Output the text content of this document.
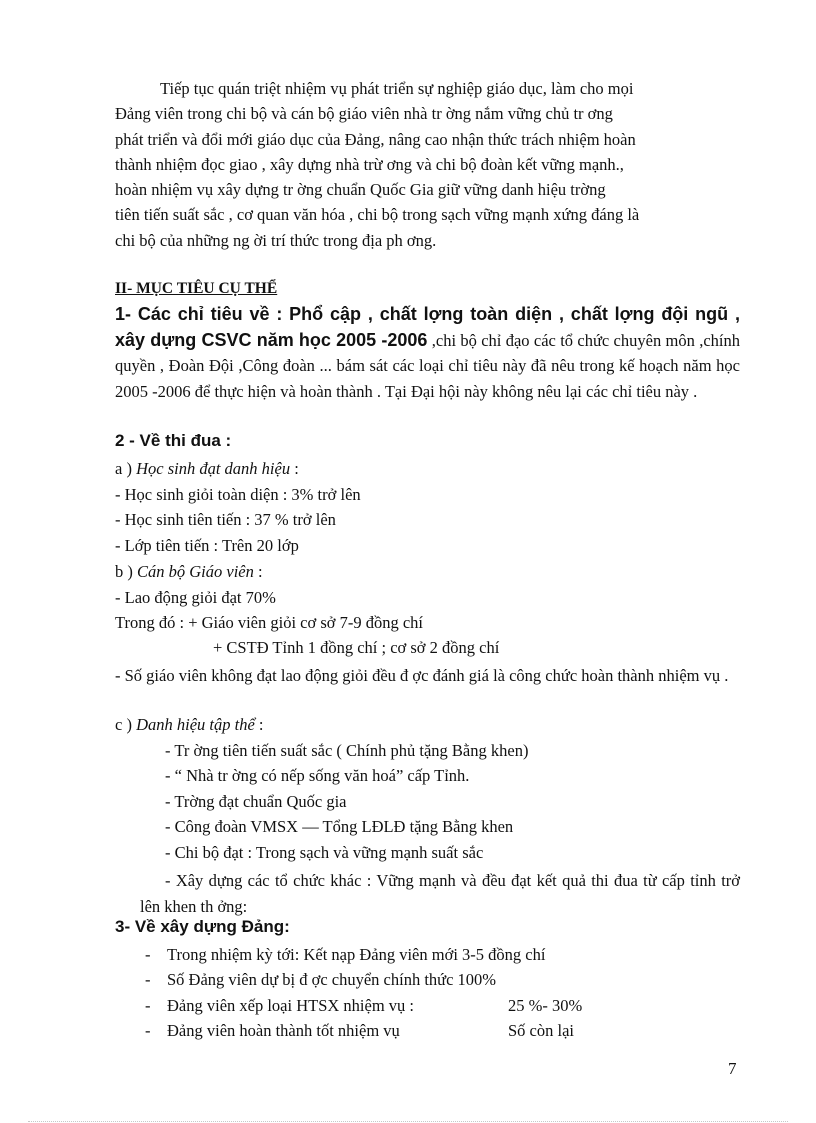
Tiếp tục quán triệt nhiệm vụ phát triển sự nghiệp giáo dục, làm cho mọi
Đảng viên trong chi bộ và cán bộ giáo viên nhà tr ờng nắm vững chủ tr ơng
phát triển và đổi mới giáo dục của Đảng, nâng cao nhận thức trách nhiệm hoàn
thành nhiệm đọc giao , xây dựng nhà trừ ơng và chi bộ đoàn kết vững mạnh.,
hoàn nhiệm vụ xây dựng tr ờng chuẩn Quốc Gia giữ vững danh hiệu trờng
tiên tiến suất sắc , cơ quan văn hóa , chi bộ trong sạch vững mạnh xứng đáng là
chi bộ của những ng ời trí thức trong địa ph ơng.
II- MỤC TIÊU CỤ THỂ
1- Các chỉ tiêu về : Phổ cập , chất lợng toàn diện , chất lợng đội ngũ , xây dựng CSVC năm học 2005 -2006 ,chi bộ chỉ đạo các tổ chức chuyên môn ,chính quyền , Đoàn Đội ,Công đoàn ... bám sát các loại chỉ tiêu này đã nêu trong kế hoạch năm học 2005 -2006 để thực hiện và hoàn thành . Tại Đại hội này không nêu lại các chỉ tiêu này .
2 - Về thi đua :
a ) Học sinh đạt danh hiệu :
- Học sinh giỏi toàn diện : 3% trở lên
- Học sinh tiên tiến : 37 % trở lên
- Lớp tiên tiến : Trên 20 lớp
b ) Cán bộ Giáo viên :
- Lao động giỏi đạt 70%
Trong đó : + Giáo viên giỏi cơ sở 7-9 đồng chí
+ CSTĐ Tỉnh 1 đồng chí ; cơ sở 2 đồng chí
- Số giáo viên không đạt lao động giỏi đều đ ợc đánh giá là công chức hoàn thành nhiệm vụ .
c ) Danh hiệu tập thể :
- Tr ờng tiên tiến suất sắc ( Chính phủ tặng Bằng khen)
- “ Nhà tr ờng có nếp sống văn hoá” cấp Tỉnh.
- Trờng đạt chuẩn Quốc gia
- Công đoàn VMSX — Tổng LĐLĐ tặng Bằng khen
- Chi bộ đạt : Trong sạch và vững mạnh suất sắc
- Xây dựng các tổ chức khác : Vững mạnh và đều đạt kết quả thi đua từ cấp tỉnh trở lên khen th ởng:
3- Về xây dựng Đảng:
- Trong nhiệm kỳ tới: Kết nạp Đảng viên mới 3-5 đồng chí
- Số Đảng viên dự bị đ ợc chuyển chính thức 100%
- Đảng viên xếp loại HTSX nhiệm vụ :	25 %- 30%
- Đảng viên hoàn thành tốt nhiệm vụ	Số còn lại
7
